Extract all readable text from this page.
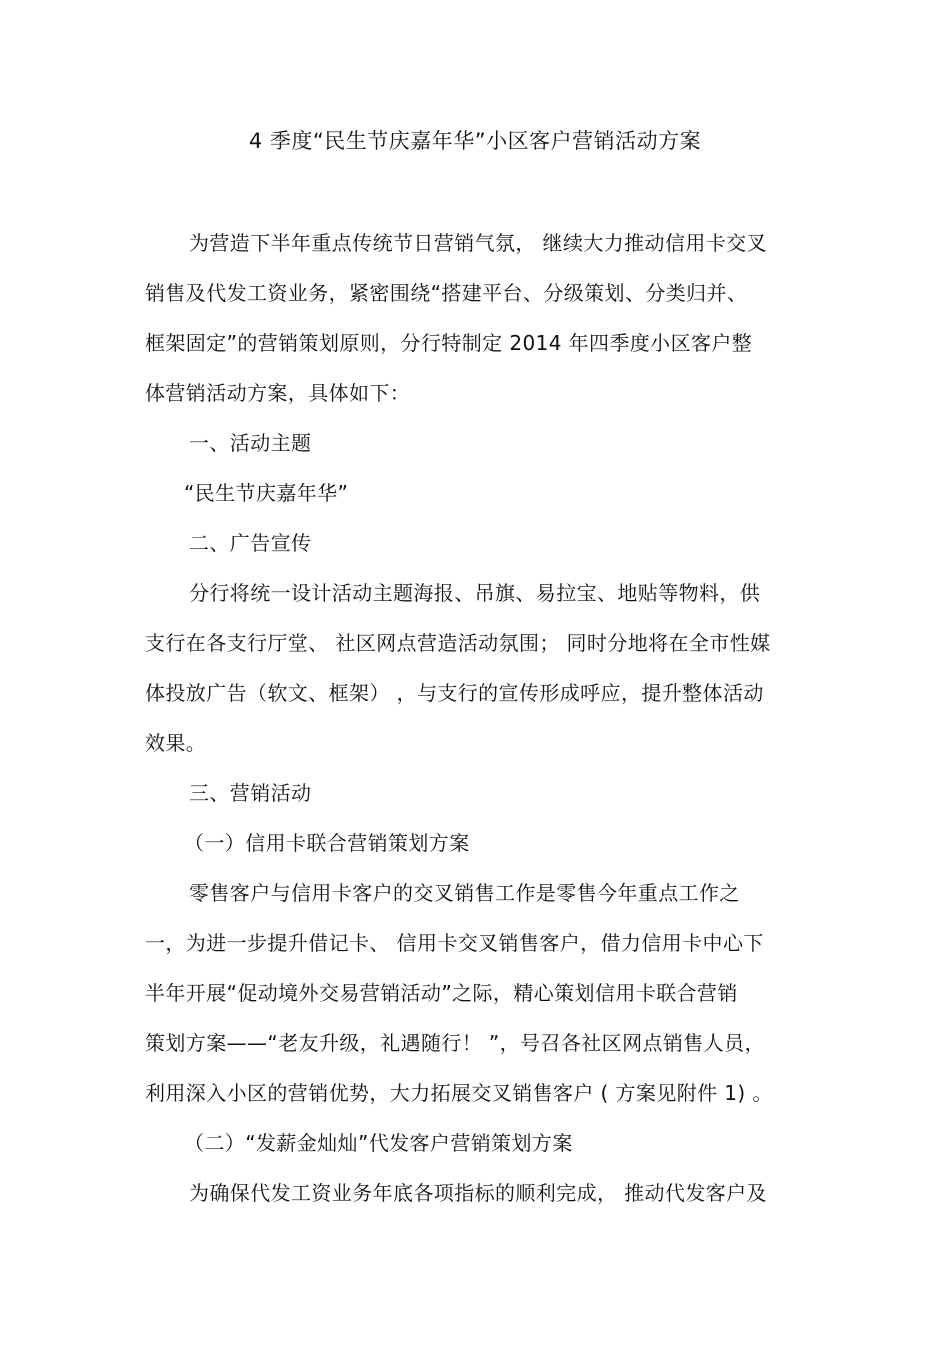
4 季度“民生节庆嘉年华”小区客户营销活动方案
为营造下半年重点传统节日营销气氛， 继续大力推动信用卡交叉
销售及代发工资业务，紧密围绕“搭建平台、分级策划、分类归并、
框架固定”的营销策划原则，分行特制定 2014 年四季度小区客户整
体营销活动方案，具体如下：
一、活动主题
“民生节庆嘉年华”
二、广告宣传
分行将统一设计活动主题海报、吊旗、易拉宝、地贴等物料，供
支行在各支行厅堂、 社区网点营造活动氛围； 同时分地将在全市性媒
体投放广告（软文、框架） ，与支行的宣传形成呼应，提升整体活动
效果。
三、营销活动
（一）信用卡联合营销策划方案
零售客户与信用卡客户的交叉销售工作是零售今年重点工作之
一，为进一步提升借记卡、 信用卡交叉销售客户，借力信用卡中心下
半年开展“促动境外交易营销活动”之际，精心策划信用卡联合营销
策划方案——“老友升级，礼遇随行！ ”，号召各社区网点销售人员，
利用深入小区的营销优势，大力拓展交叉销售客户 ( 方案见附件 1) 。
（二）“发薪金灿灿”代发客户营销策划方案
为确保代发工资业务年底各项指标的顺利完成， 推动代发客户及
